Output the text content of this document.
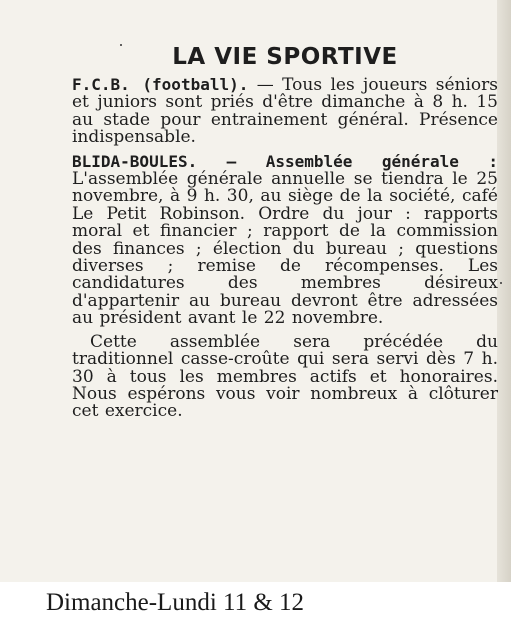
LA VIE SPORTIVE

F.C.B. (football). — Tous les joueurs séniors et juniors sont priés d'être dimanche à 8 h. 15 au stade pour entrainement général. Présence indispensable.

BLIDA-BOULES. — Assemblée générale : L'assemblée générale annuelle se tiendra le 25 novembre, à 9 h. 30, au siège de la société, café Le Petit Robinson. Ordre du jour : rapports moral et financier ; rapport de la commission des finances ; élection du bureau ; questions diverses ; remise de récompenses. Les candidatures des membres désireux d'appartenir au bureau devront être adressées au président avant le 22 novembre.

Cette assemblée sera précédée du traditionnel casse-croûte qui sera servi dès 7 h. 30 à tous les membres actifs et honoraires. Nous espérons vous voir nombreux à clôturer cet exercice.

Dimanche-Lundi 11 & 12
